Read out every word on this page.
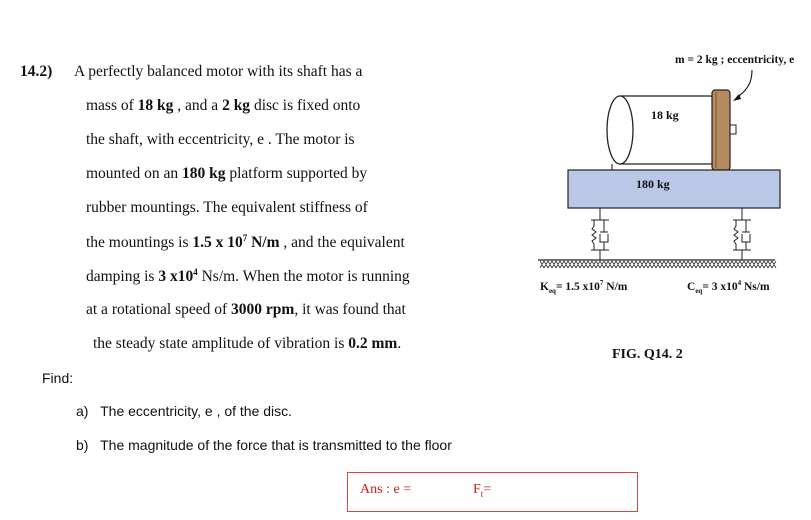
14.2) A perfectly balanced motor with its shaft has a
mass of 18 kg , and a 2 kg disc is fixed onto
the shaft, with eccentricity, e . The motor is
mounted on an 180 kg platform supported by
rubber mountings. The equivalent stiffness of
the mountings is 1.5 x $10^7$ N/m , and the equivalent
damping is 3 $x10^4$ Ns/m. When the motor is running
at a rotational speed of 3000 rpm, it was found that
the steady state amplitude of vibration is 0.2 mm.
Find:
a) The eccentricity, e , of the disc.
b) The magnitude of the force that is transmitted to the floor
Ans : e =	$F_t=$
m = 2 kg ; eccentricity, e
18 kg
180 kg
$K_{eq}= 1.5$ $x10^7$ N/m	$C_{eq}= 3$ $x10^4$ Ns/m
FIG. Q14. 2
